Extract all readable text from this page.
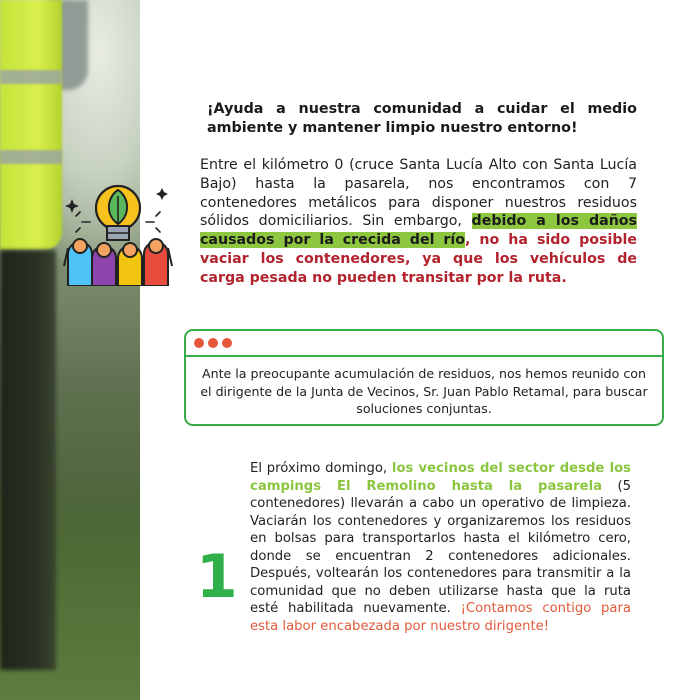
¡Ayuda a nuestra comunidad a cuidar el medio ambiente y mantener limpio nuestro entorno!

Entre el kilómetro 0 (cruce Santa Lucía Alto con Santa Lucía Bajo) hasta la pasarela, nos encontramos con 7 contenedores metálicos para disponer nuestros residuos sólidos domiciliarios. Sin embargo, debido a los daños causados por la crecida del río, no ha sido posible vaciar los contenedores, ya que los vehículos de carga pesada no pueden transitar por la ruta.

Ante la preocupante acumulación de residuos, nos hemos reunido con el dirigente de la Junta de Vecinos, Sr. Juan Pablo Retamal, para buscar soluciones conjuntas.

1

El próximo domingo, los vecinos del sector desde los campings El Remolino hasta la pasarela (5 contenedores) llevarán a cabo un operativo de limpieza. Vaciarán los contenedores y organizaremos los residuos en bolsas para transportarlos hasta el kilómetro cero, donde se encuentran 2 contenedores adicionales. Después, voltearán los contenedores para transmitir a la comunidad que no deben utilizarse hasta que la ruta esté habilitada nuevamente. ¡Contamos contigo para esta labor encabezada por nuestro dirigente!
